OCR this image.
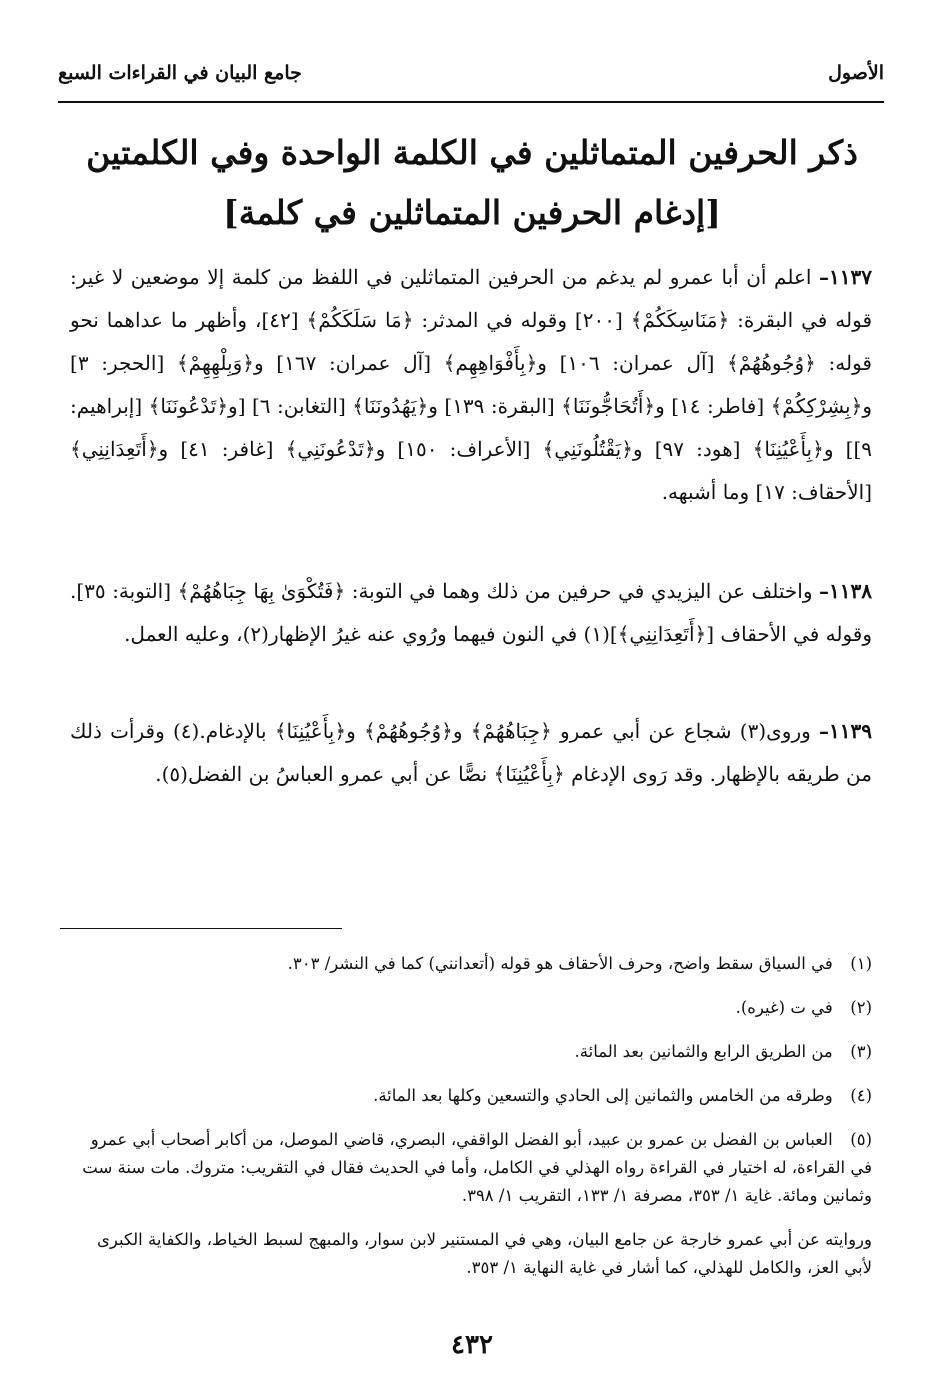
الأصول
جامع البيان في القراءات السبع
ذكر الحرفين المتماثلين في الكلمة الواحدة وفي الكلمتين
[إدغام الحرفين المتماثلين في كلمة]
١١٣٧– اعلم أن أبا عمرو لم يدغم من الحرفين المتماثلين في اللفظ من كلمة إلا موضعين لا غير: قوله في البقرة: ﴿مَنَاسِكَكُمْ﴾ [٢٠٠] وقوله في المدثر: ﴿مَا سَلَكَكُمْ﴾ [٤٢]، وأظهر ما عداهما نحو قوله: ﴿وُجُوهُهُمْ﴾ [آل عمران: ١٠٦] و﴿بِأَفْوَاهِهِم﴾ [آل عمران: ١٦٧] و﴿وَبِلْهِهِمْ﴾ [الحجر: ٣] و﴿بِشِرْكِكُمْ﴾ [فاطر: ١٤] و﴿أَتُحَاجُّونَنَا﴾ [البقرة: ١٣٩] و﴿يَهُدُونَنَا﴾ [التغابن: ٦] [و﴿تَدْعُونَنَا﴾ [إبراهيم: ٩]] و﴿بِأَعْيُنِنَا﴾ [هود: ٩٧] و﴿يَقْتُلُونَنِي﴾ [الأعراف: ١٥٠] و﴿تَدْعُونَنِي﴾ [غافر: ٤١] و﴿أَتَعِدَانِنِي﴾ [الأحقاف: ١٧] وما أشبهه.
١١٣٨– واختلف عن اليزيدي في حرفين من ذلك وهما في التوبة: ﴿فَتُكْوَىٰ بِهَا جِبَاهُهُمْ﴾ [التوبة: ٣٥]. وقوله في الأحقاف [﴿أَتَعِدَانِنِي﴾](١) في النون فيهما ورُوي عنه غيرُ الإظهار(٢)، وعليه العمل.
١١٣٩– وروى(٣) شجاع عن أبي عمرو ﴿جِبَاهُهُمْ﴾ و﴿وُجُوهُهُمْ﴾ و﴿بِأَعْيُنِنَا﴾ بالإدغام.(٤) وقرأت ذلك من طريقه بالإظهار. وقد رَوى الإدغام ﴿بِأَعْيُنِنَا﴾ نصًّا عن أبي عمرو العباسُ بن الفضل(٥).
(١) في السياق سقط واضح، وحرف الأحقاف هو قوله (أتعدانني) كما في النشر/ ٣٠٣.
(٢) في ت (غيره).
(٣) من الطريق الرابع والثمانين بعد المائة.
(٤) وطرقه من الخامس والثمانين إلى الحادي والتسعين وكلها بعد المائة.
(٥) العباس بن الفضل بن عمرو بن عبيد، أبو الفضل الواقفي، البصري، قاضي الموصل، من أكابر أصحاب أبي عمرو في القراءة، له اختيار في القراءة رواه الهذلي في الكامل، وأما في الحديث فقال في التقريب: متروك. مات سنة ست وثمانين ومائة. غاية ١/ ٣٥٣، مصرفة ١/ ١٣٣، التقريب ١/ ٣٩٨.
وروايته عن أبي عمرو خارجة عن جامع البيان، وهي في المستنير لابن سوار، والمبهج لسبط الخياط، والكفاية الكبرى لأبي العز، والكامل للهذلي، كما أشار في غاية النهاية ١/ ٣٥٣.
٤٣٢
